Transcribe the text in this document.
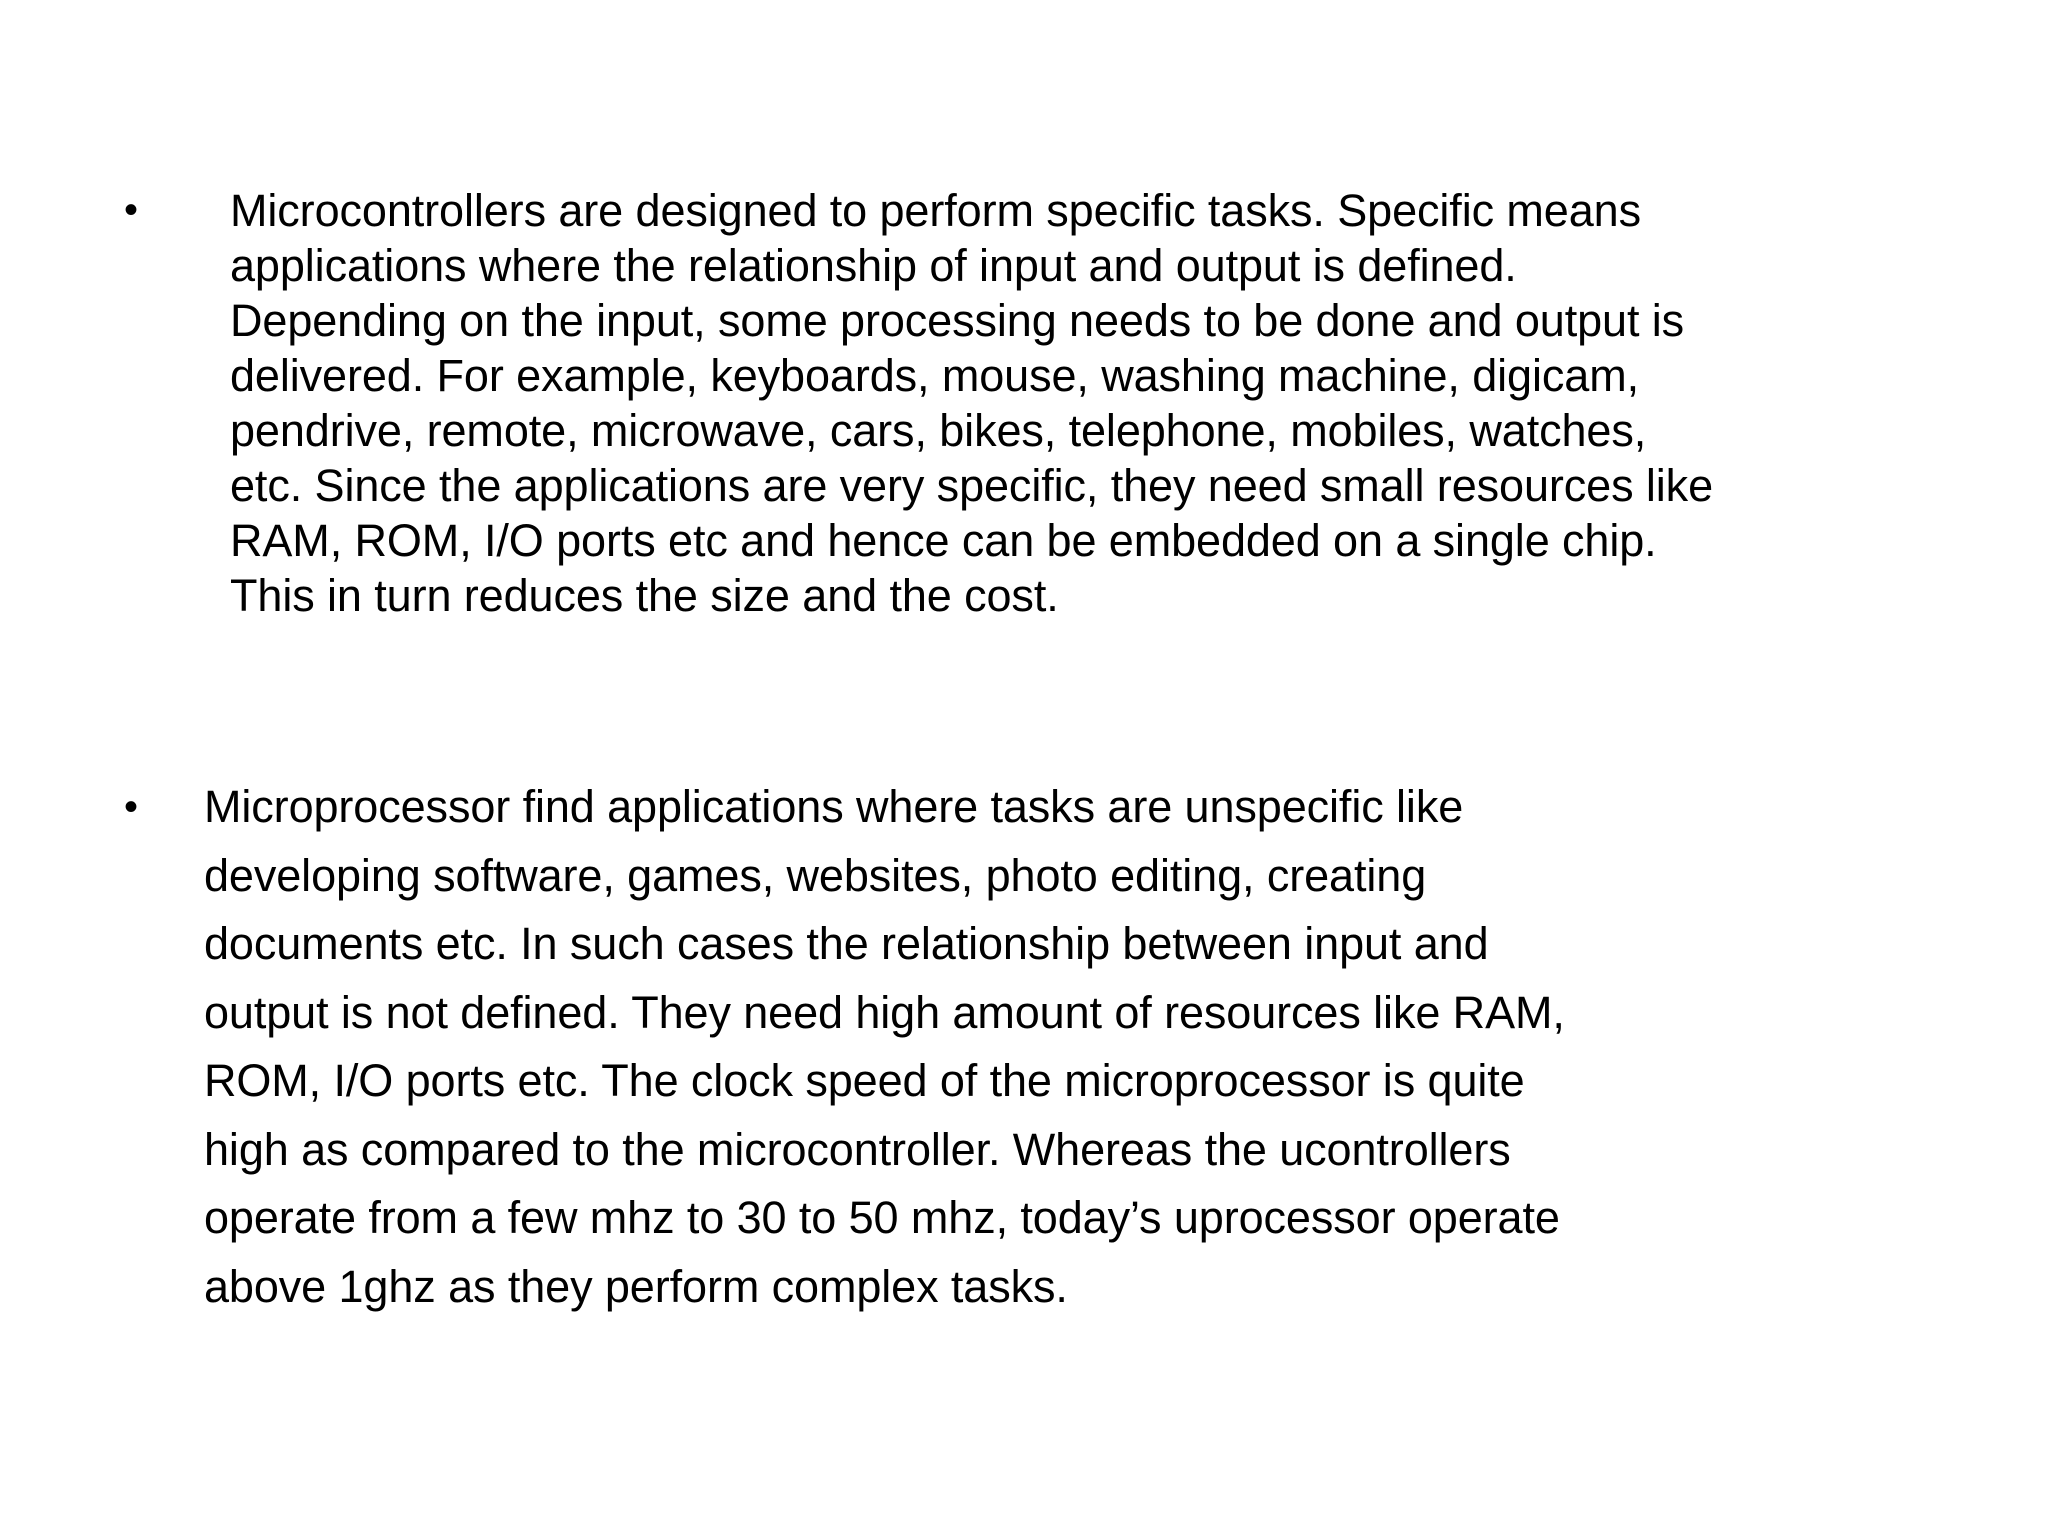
• Microcontrollers are designed to perform specific tasks. Specific means
applications where the relationship of input and output is defined.
Depending on the input, some processing needs to be done and output is
delivered. For example, keyboards, mouse, washing machine, digicam,
pendrive, remote, microwave, cars, bikes, telephone, mobiles, watches,
etc. Since the applications are very specific, they need small resources like
RAM, ROM, I/O ports etc and hence can be embedded on a single chip.
This in turn reduces the size and the cost.

• Microprocessor find applications where tasks are unspecific like
developing software, games, websites, photo editing, creating
documents etc. In such cases the relationship between input and
output is not defined. They need high amount of resources like RAM,
ROM, I/O ports etc. The clock speed of the microprocessor is quite
high as compared to the microcontroller. Whereas the ucontrollers
operate from a few mhz to 30 to 50 mhz, today’s uprocessor operate
above 1ghz as they perform complex tasks.
